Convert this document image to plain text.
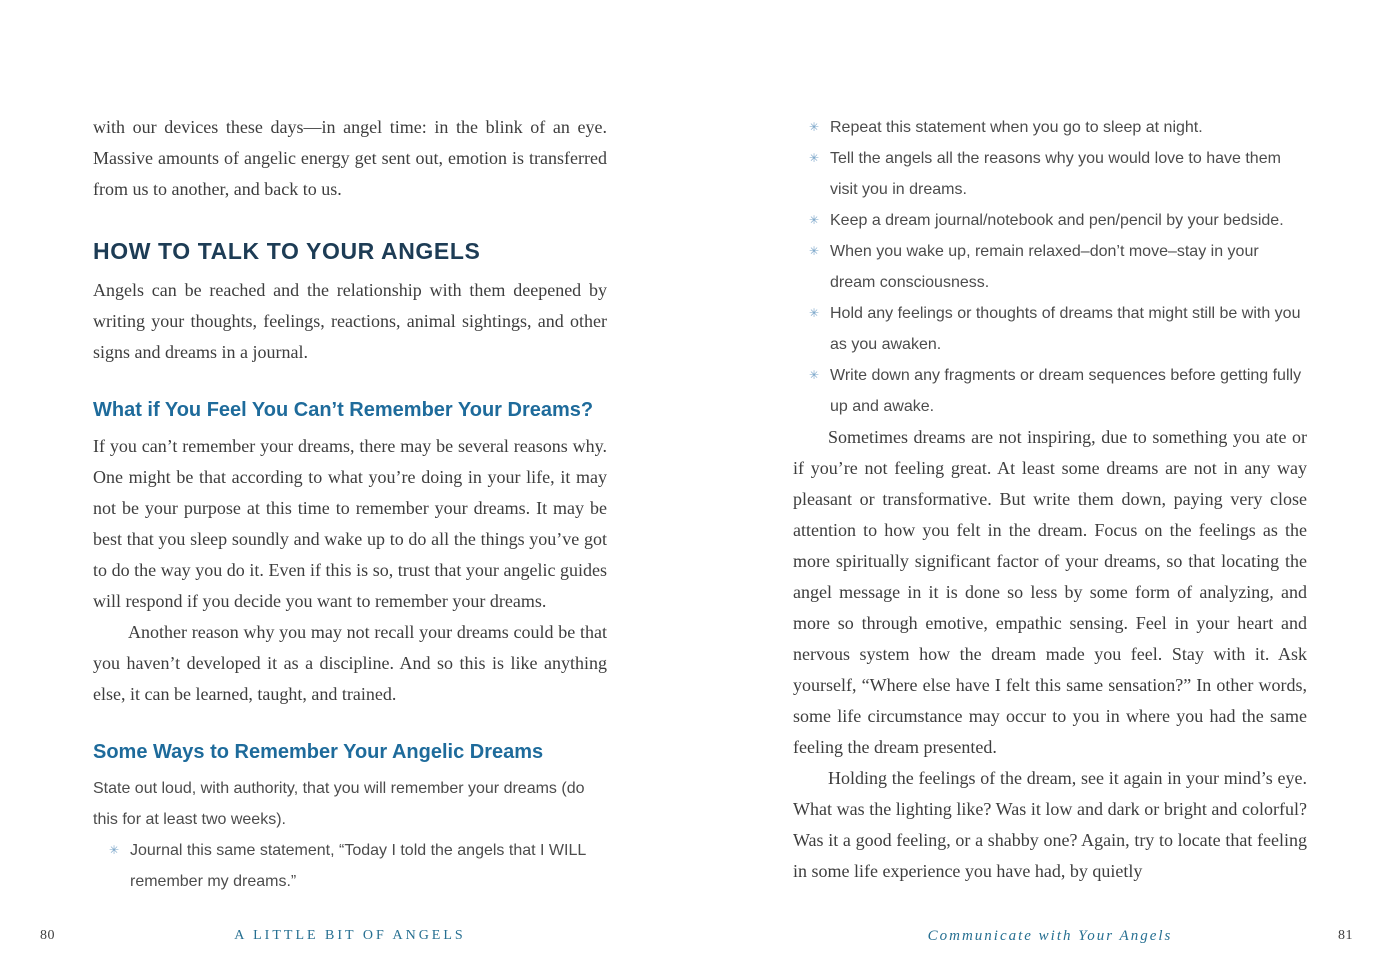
with our devices these days—in angel time: in the blink of an eye. Massive amounts of angelic energy get sent out, emotion is transferred from us to another, and back to us.

HOW TO TALK TO YOUR ANGELS

Angels can be reached and the relationship with them deepened by writing your thoughts, feelings, reactions, animal sightings, and other signs and dreams in a journal.

What if You Feel You Can’t Remember Your Dreams?

If you can’t remember your dreams, there may be several reasons why. One might be that according to what you’re doing in your life, it may not be your purpose at this time to remember your dreams. It may be best that you sleep soundly and wake up to do all the things you’ve got to do the way you do it. Even if this is so, trust that your angelic guides will respond if you decide you want to remember your dreams.

Another reason why you may not recall your dreams could be that you haven’t developed it as a discipline. And so this is like anything else, it can be learned, taught, and trained.

Some Ways to Remember Your Angelic Dreams

State out loud, with authority, that you will remember your dreams (do this for at least two weeks).

✳ Journal this same statement, “Today I told the angels that I WILL remember my dreams.”
✳ Repeat this statement when you go to sleep at night.
✳ Tell the angels all the reasons why you would love to have them visit you in dreams.
✳ Keep a dream journal/notebook and pen/pencil by your bedside.
✳ When you wake up, remain relaxed–don’t move–stay in your dream consciousness.
✳ Hold any feelings or thoughts of dreams that might still be with you as you awaken.
✳ Write down any fragments or dream sequences before getting fully up and awake.

Sometimes dreams are not inspiring, due to something you ate or if you’re not feeling great. At least some dreams are not in any way pleasant or transformative. But write them down, paying very close attention to how you felt in the dream. Focus on the feelings as the more spiritually significant factor of your dreams, so that locating the angel message in it is done so less by some form of analyzing, and more so through emotive, empathic sensing. Feel in your heart and nervous system how the dream made you feel. Stay with it. Ask yourself, “Where else have I felt this same sensation?” In other words, some life circumstance may occur to you in where you had the same feeling the dream presented.

Holding the feelings of the dream, see it again in your mind’s eye. What was the lighting like? Was it low and dark or bright and colorful? Was it a good feeling, or a shabby one? Again, try to locate that feeling in some life experience you have had, by quietly

80	A LITTLE BIT OF ANGELS	Communicate with Your Angels	81
